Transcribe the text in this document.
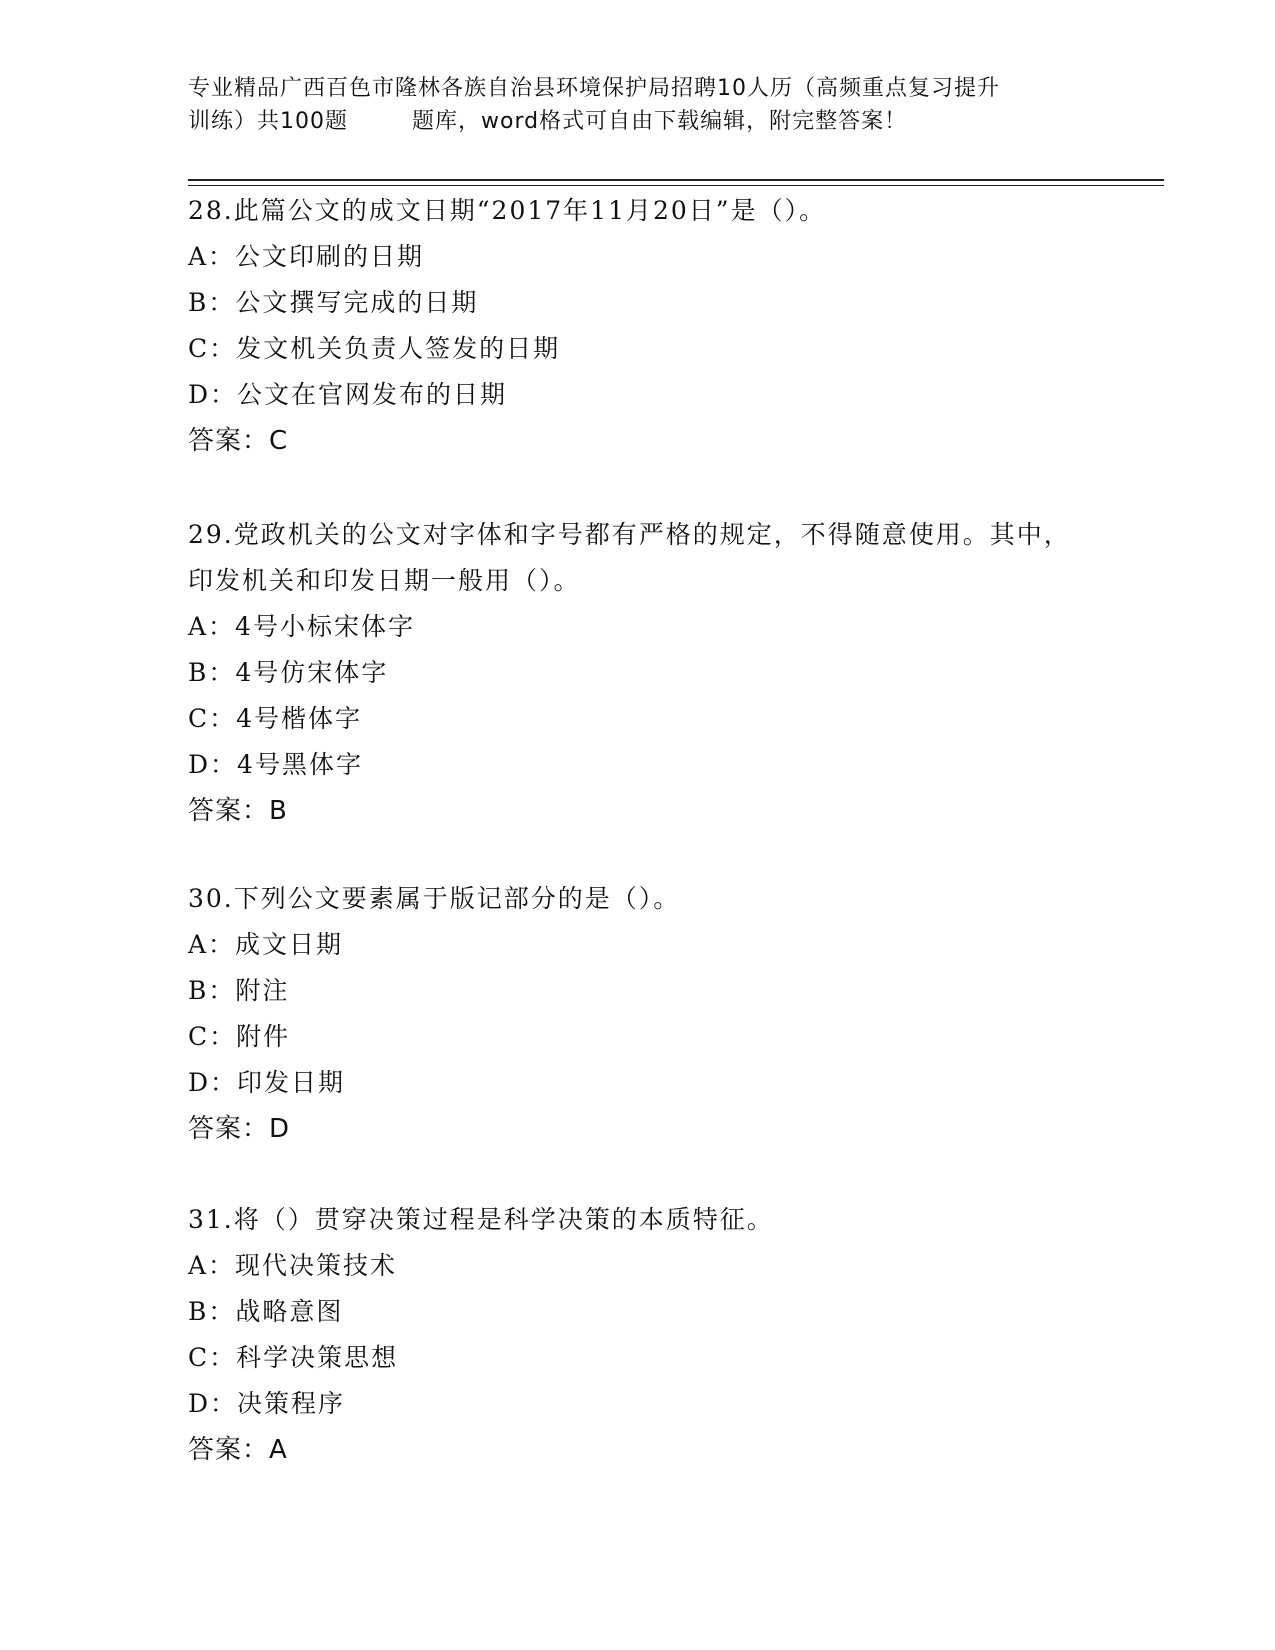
专业精品广西百色市隆林各族自治县环境保护局招聘10人历（高频重点复习提升
训练）共100题	题库，word格式可自由下载编辑，附完整答案！
28.此篇公文的成文日期“2017年11月20日”是（）。
A：公文印刷的日期
B：公文撰写完成的日期
C：发文机关负责人签发的日期
D：公文在官网发布的日期
答案：C
29.党政机关的公文对字体和字号都有严格的规定，不得随意使用。其中，印发机关和印发日期一般用（）。
A：4号小标宋体字
B：4号仿宋体字
C：4号楷体字
D：4号黑体字
答案：B
30.下列公文要素属于版记部分的是（）。
A：成文日期
B：附注
C：附件
D：印发日期
答案：D
31.将（）贯穿决策过程是科学决策的本质特征。
A：现代决策技术
B：战略意图
C：科学决策思想
D：决策程序
答案：A
